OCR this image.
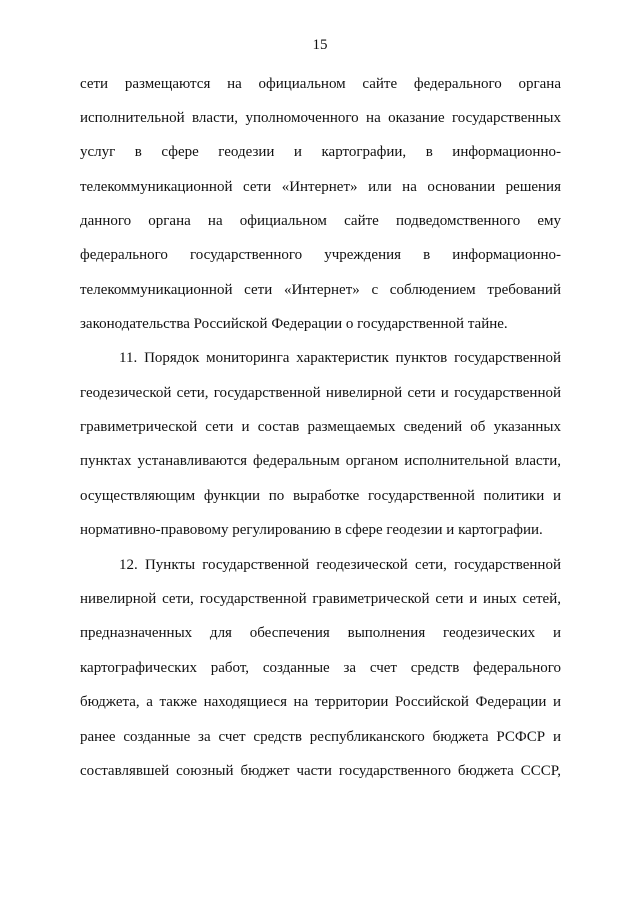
15
сети размещаются на официальном сайте федерального органа
исполнительной власти, уполномоченного на оказание государственных
услуг в сфере геодезии и картографии, в информационно-
телекоммуникационной сети «Интернет» или на основании решения
данного органа на официальном сайте подведомственного ему
федерального государственного учреждения в информационно-
телекоммуникационной сети «Интернет» с соблюдением требований
законодательства Российской Федерации о государственной тайне.
11. Порядок мониторинга характеристик пунктов государственной
геодезической сети, государственной нивелирной сети и государственной
гравиметрической сети и состав размещаемых сведений об указанных
пунктах устанавливаются федеральным органом исполнительной власти,
осуществляющим функции по выработке государственной политики и
нормативно-правовому регулированию в сфере геодезии и картографии.
12. Пункты государственной геодезической сети, государственной
нивелирной сети, государственной гравиметрической сети и иных сетей,
предназначенных для обеспечения выполнения геодезических и
картографических работ, созданные за счет средств федерального
бюджета, а также находящиеся на территории Российской Федерации и
ранее созданные за счет средств республиканского бюджета РСФСР и
составлявшей союзный бюджет части государственного бюджета СССР,
